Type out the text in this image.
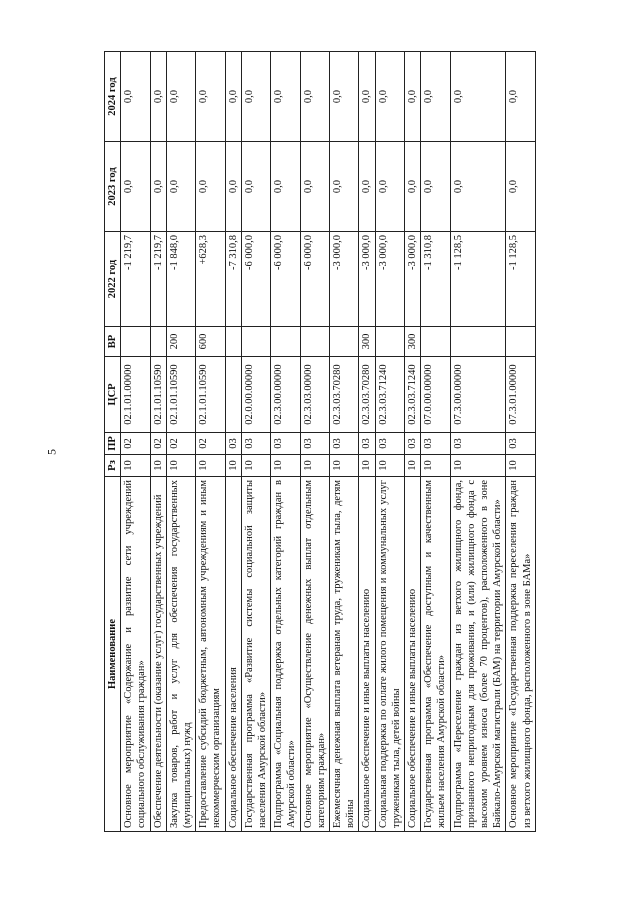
5
Наименование	Рз	ПР	ЦСР	ВР	2022 год	2023 год	2024 год
Основное мероприятие «Содержание и развитие сети учреждений социального обслуживания граждан»	10	02	02.1.01.00000		-1 219,7	0,0	0,0
Обеспечение деятельности (оказание услуг) государственных учреждений	10	02	02.1.01.10590		-1 219,7	0,0	0,0
Закупка товаров, работ и услуг для обеспечения государственных (муниципальных) нужд	10	02	02.1.01.10590	200	-1 848,0	0,0	0,0
Предоставление субсидий бюджетным, автономным учреждениям и иным некоммерческим организациям	10	02	02.1.01.10590	600	+628,3	0,0	0,0
Социальное обеспечение населения	10	03			-7 310,8	0,0	0,0
Государственная программа «Развитие системы социальной защиты населения Амурской области»	10	03	02.0.00.00000		-6 000,0	0,0	0,0
Подпрограмма «Социальная поддержка отдельных категорий граждан в Амурской области»	10	03	02.3.00.00000		-6 000,0	0,0	0,0
Основное мероприятие «Осуществление денежных выплат отдельным категориям граждан»	10	03	02.3.03.00000		-6 000,0	0,0	0,0
Ежемесячная денежная выплата ветеранам труда, труженикам тыла, детям войны	10	03	02.3.03.70280		-3 000,0	0,0	0,0
Социальное обеспечение и иные выплаты населению	10	03	02.3.03.70280	300	-3 000,0	0,0	0,0
Социальная поддержка по оплате жилого помещения и коммунальных услуг труженикам тыла, детей войны	10	03	02.3.03.71240		-3 000,0	0,0	0,0
Социальное обеспечение и иные выплаты населению	10	03	02.3.03.71240	300	-3 000,0	0,0	0,0
Государственная программа «Обеспечение доступным и качественным жильем населения Амурской области»	10	03	07.0.00.00000		-1 310,8	0,0	0,0
Подпрограмма «Переселение граждан из ветхого жилищного фонда, признанного непригодным для проживания, и (или) жилищного фонда с высоким уровнем износа (более 70 процентов), расположенного в зоне Байкало-Амурской магистрали (БАМ) на территории Амурской области»	10	03	07.3.00.00000		-1 128,5	0,0	0,0
Основное мероприятие «Государственная поддержка переселения граждан из ветхого жилищного фонда, расположенного в зоне БАМа»	10	03	07.3.01.00000		-1 128,5	0,0	0,0
